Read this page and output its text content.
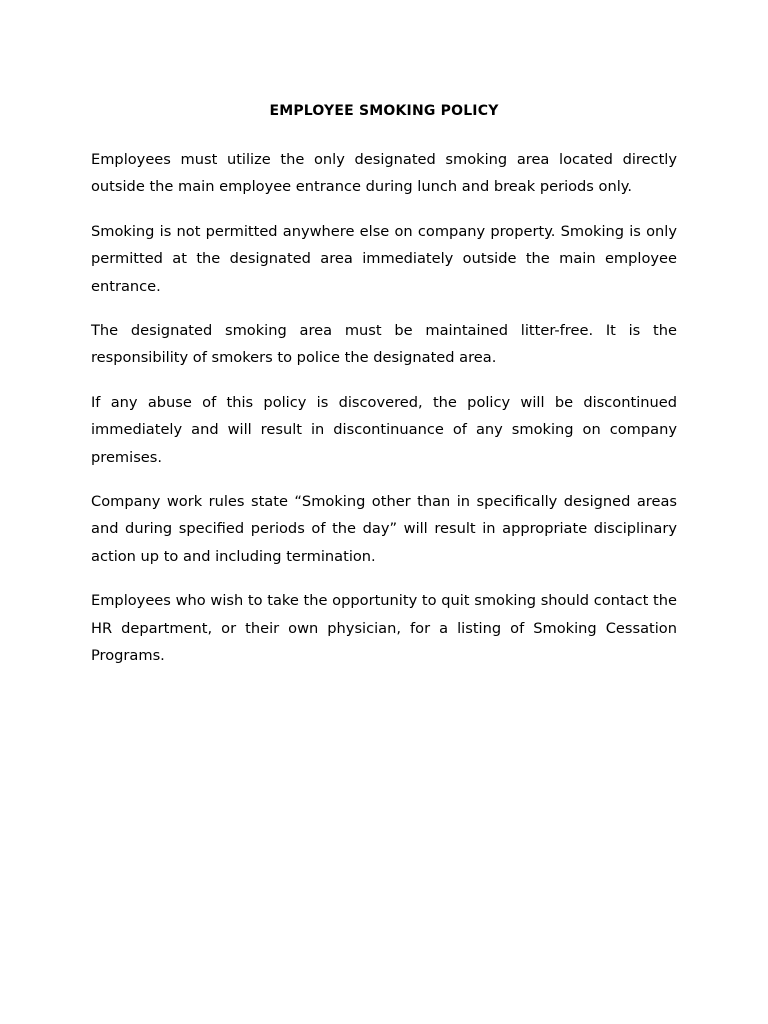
EMPLOYEE SMOKING POLICY

Employees must utilize the only designated smoking area located directly outside the main employee entrance during lunch and break periods only.

Smoking is not permitted anywhere else on company property. Smoking is only permitted at the designated area immediately outside the main employee entrance.

The designated smoking area must be maintained litter-free. It is the responsibility of smokers to police the designated area.

If any abuse of this policy is discovered, the policy will be discontinued immediately and will result in discontinuance of any smoking on company premises.

Company work rules state “Smoking other than in specifically designed areas and during specified periods of the day” will result in appropriate disciplinary action up to and including termination.

Employees who wish to take the opportunity to quit smoking should contact the HR department, or their own physician, for a listing of Smoking Cessation Programs.
